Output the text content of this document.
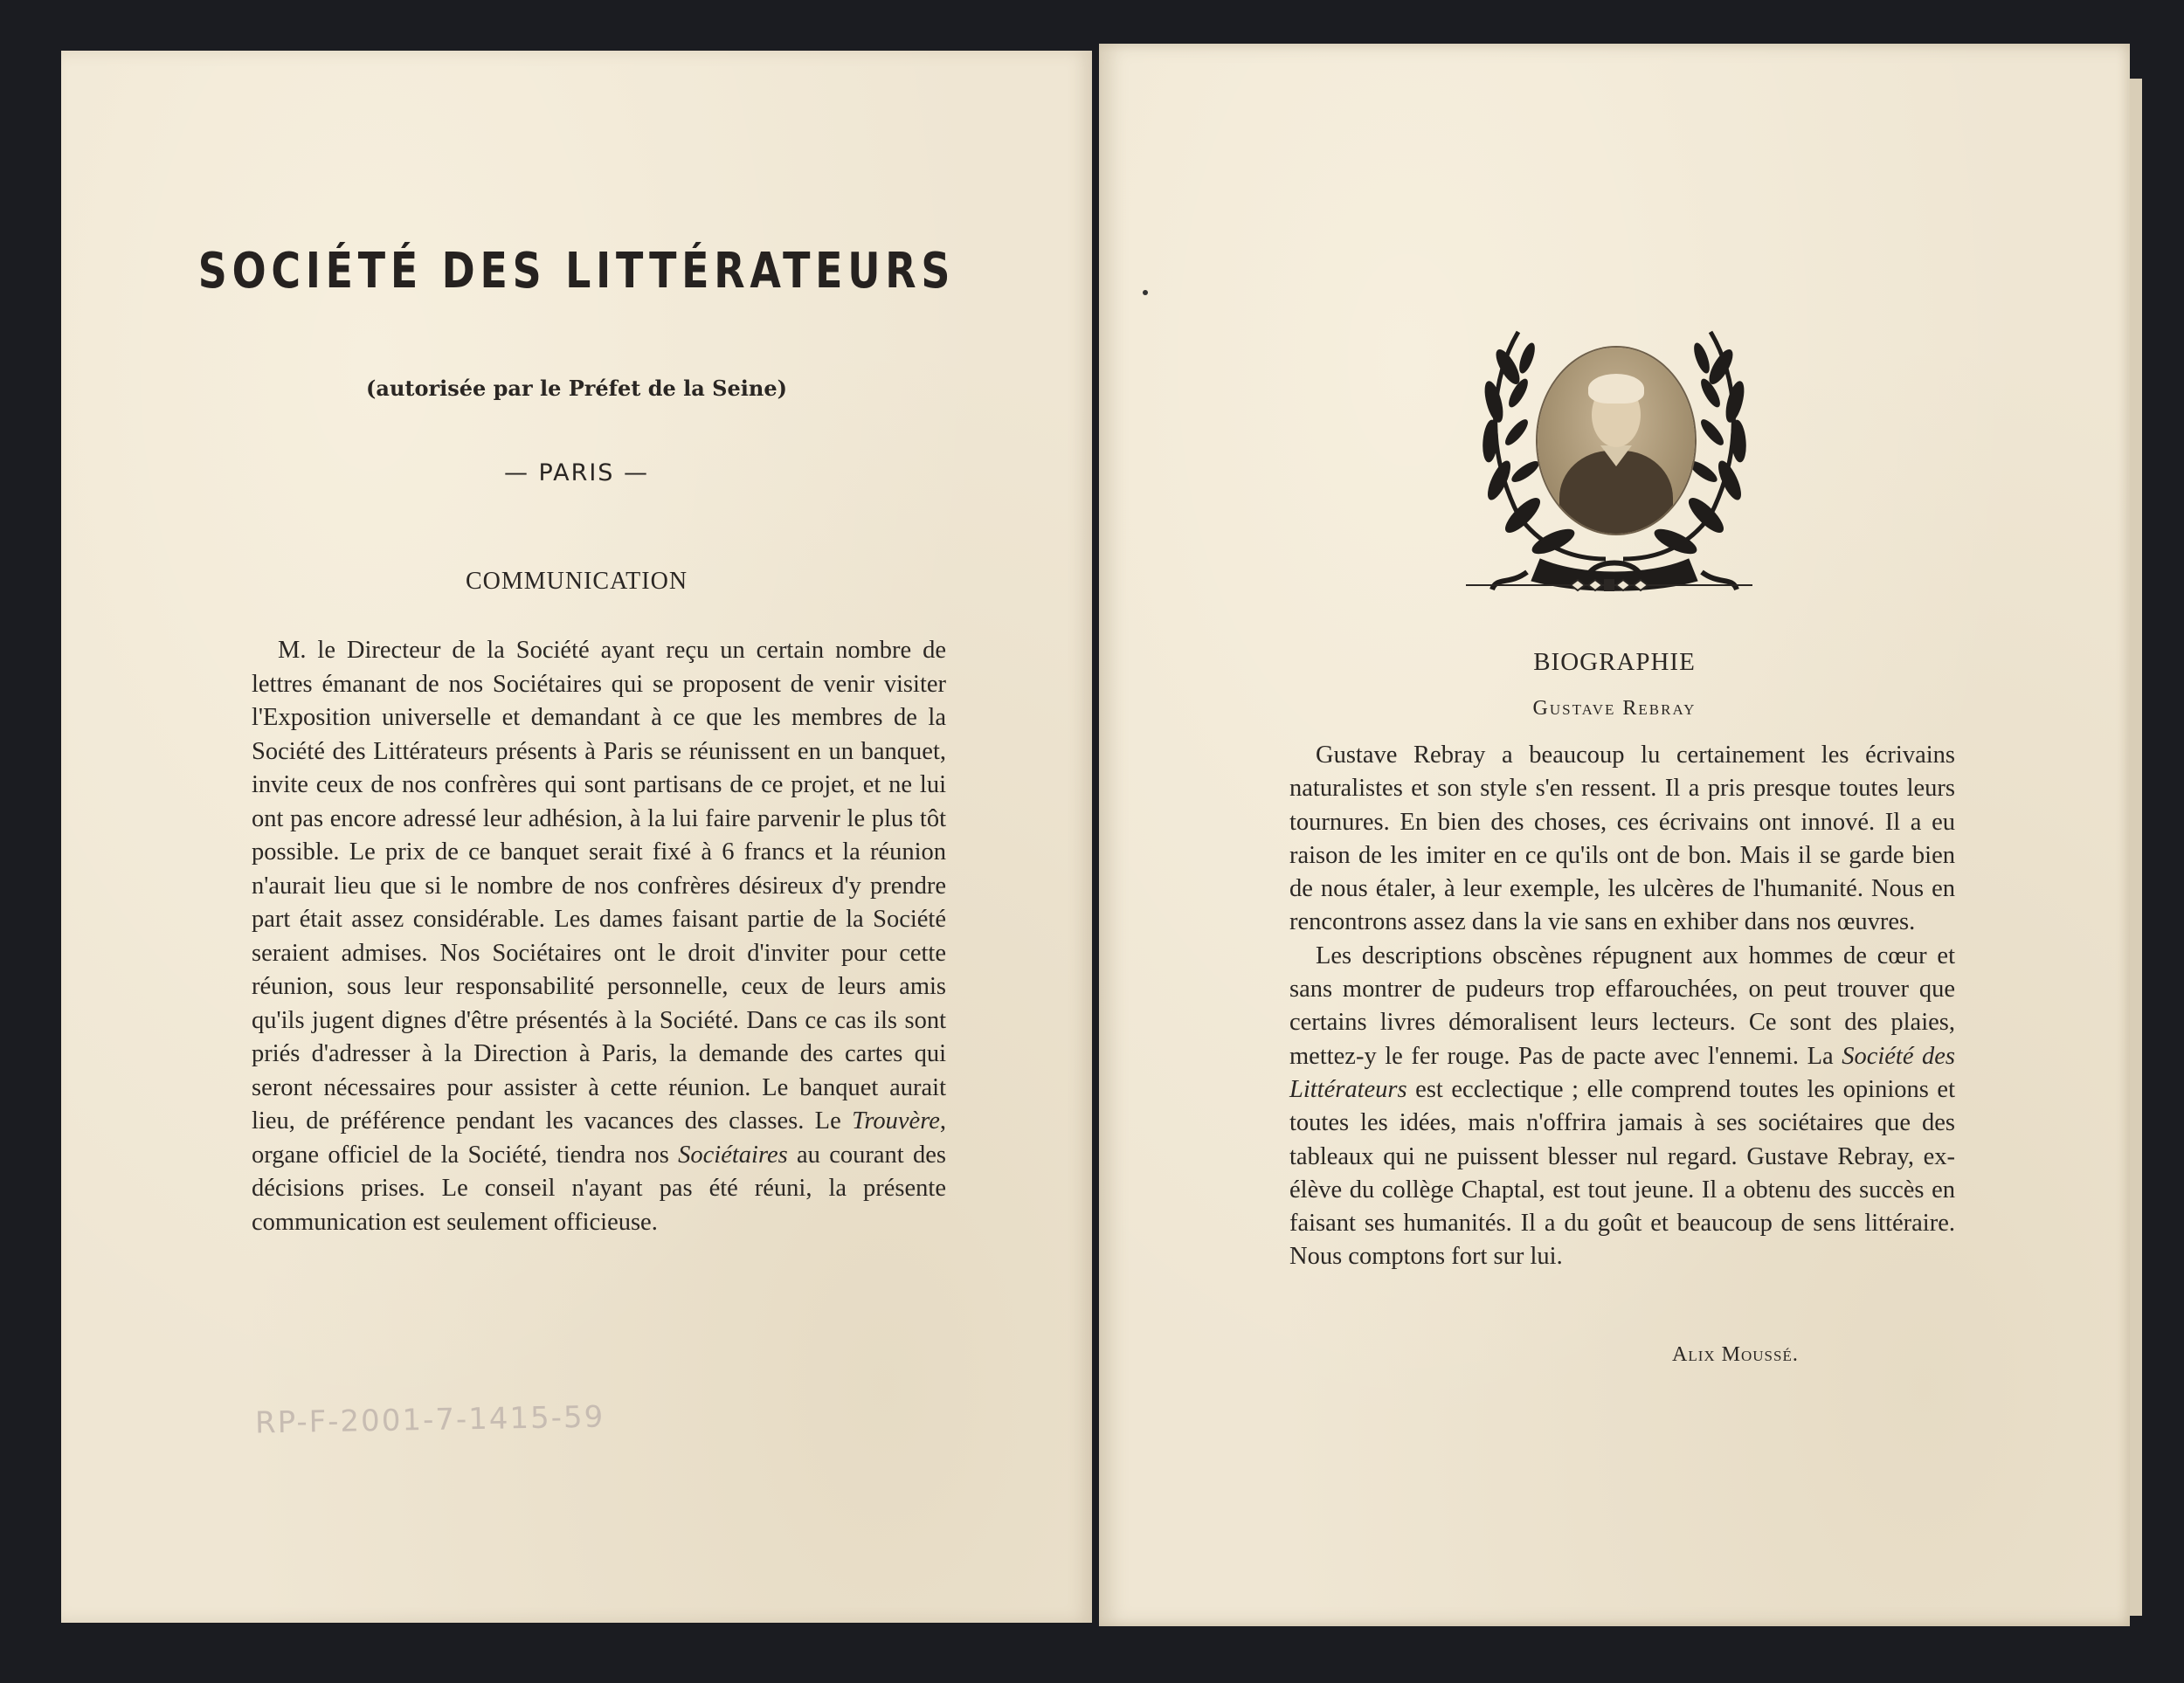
SOCIÉTÉ DES LITTÉRATEURS
(autorisée par le Préfet de la Seine)
— PARIS —
COMMUNICATION
M. le Directeur de la Société ayant reçu un certain nombre de lettres émanant de nos Sociétaires qui se proposent de venir visiter l'Exposition universelle et demandant à ce que les membres de la Société des Littérateurs présents à Paris se réunissent en un banquet, invite ceux de nos confrères qui sont partisans de ce projet, et ne lui ont pas encore adressé leur adhésion, à la lui faire parvenir le plus tôt possible. Le prix de ce banquet serait fixé à 6 francs et la réunion n'aurait lieu que si le nombre de nos confrères désireux d'y prendre part était assez considérable. Les dames faisant partie de la Société seraient admises. Nos Sociétaires ont le droit d'inviter pour cette réunion, sous leur responsabilité personnelle, ceux de leurs amis qu'ils jugent dignes d'être présentés à la Société. Dans ce cas ils sont priés d'adresser à la Direction à Paris, la demande des cartes qui seront nécessaires pour assister à cette réunion. Le banquet aurait lieu, de préférence pendant les vacances des classes. Le Trouvère, organe officiel de la Société, tiendra nos Sociétaires au courant des décisions prises. Le conseil n'ayant pas été réuni, la présente communication est seulement officieuse.
RP-F-2001-7-1415-59
BIOGRAPHIE
Gustave Rebray

Gustave Rebray a beaucoup lu certainement les écrivains naturalistes et son style s'en ressent. Il a pris presque toutes leurs tournures. En bien des choses, ces écrivains ont innové. Il a eu raison de les imiter en ce qu'ils ont de bon. Mais il se garde bien de nous étaler, à leur exemple, les ulcères de l'humanité. Nous en rencontrons assez dans la vie sans en exhiber dans nos œuvres.

Les descriptions obscènes répugnent aux hommes de cœur et sans montrer de pudeurs trop effarouchées, on peut trouver que certains livres démoralisent leurs lecteurs. Ce sont des plaies, mettez-y le fer rouge. Pas de pacte avec l'ennemi. La Société des Littérateurs est ecclectique ; elle comprend toutes les opinions et toutes les idées, mais n'offrira jamais à ses sociétaires que des tableaux qui ne puissent blesser nul regard. Gustave Rebray, ex-élève du collège Chaptal, est tout jeune. Il a obtenu des succès en faisant ses humanités. Il a du goût et beaucoup de sens littéraire. Nous comptons fort sur lui.

Alix Moussé.
